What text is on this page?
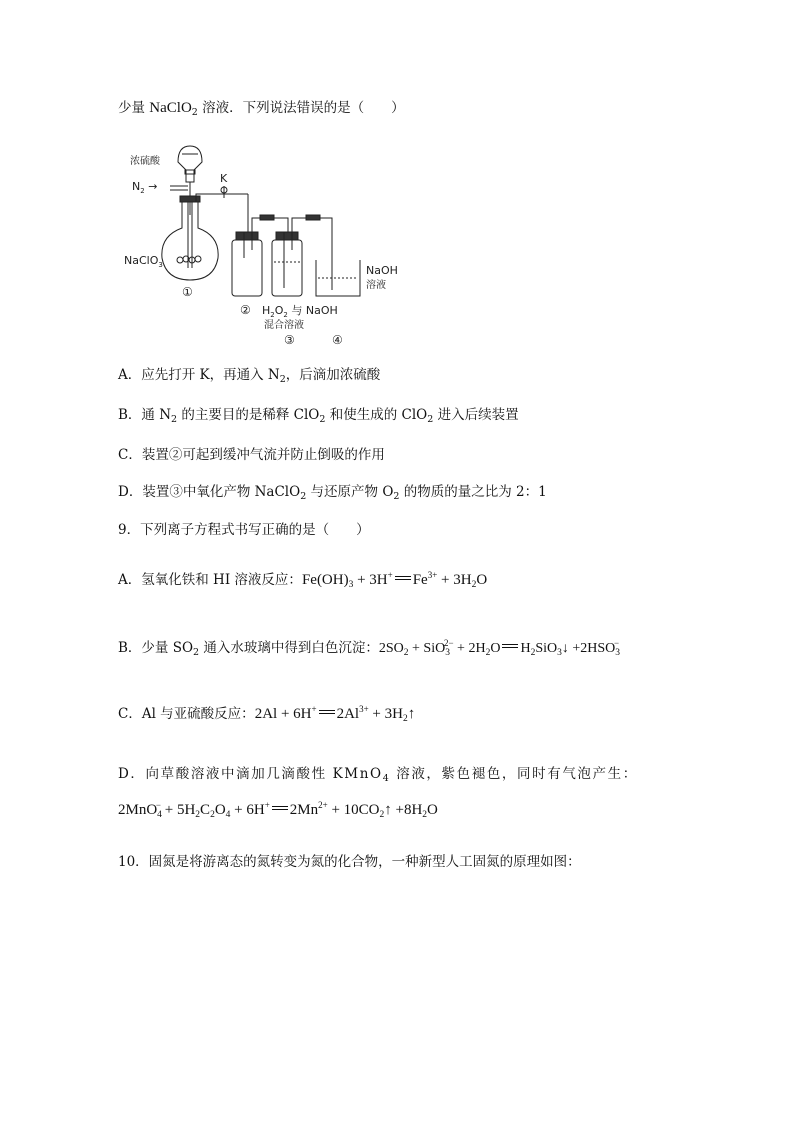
少量 NaClO$_2$ 溶液．下列说法错误的是（　　）
浓硫酸
$N_2$ →
K
NaClO$_3$
①
NaOH
溶液
② $H_2O_2$ 与 NaOH
混合溶液
③	④
A．应先打开 K，再通入 $N_2$，后滴加浓硫酸
B．通 $N_2$ 的主要目的是稀释 ClO$_2$ 和使生成的 ClO$_2$ 进入后续装置
C．装置②可起到缓冲气流并防止倒吸的作用
D．装置③中氧化产物 NaClO$_2$ 与还原产物 $O_2$ 的物质的量之比为 2：1
9．下列离子方程式书写正确的是（　　）
A．氢氧化铁和 HI 溶液反应：$Fe(OH)_3 + 3H^+$ $Fe^{3+} + 3H_2O$
B．少量 $SO_2$ 通入水玻璃中得到白色沉淀：$2SO_2 + SiO_3^{2-} + 2H_2O$ $H_2SiO_3↓ +2HSO_3^-$
C．Al 与亚硫酸反应：2Al + 6H+ $2Al^{3+}$ + $3H_2↑$
D．向草酸溶液中滴加几滴酸性 KMnO$_4$ 溶液，紫色褪色，同时有气泡产生：
$2MnO_4^- + 5H_2C_2O_4 + 6H^+$ $2Mn^{2+}$ + $10CO_2↑ +8H_2O$
10．固氮是将游离态的氮转变为氮的化合物，一种新型人工固氮的原理如图：
